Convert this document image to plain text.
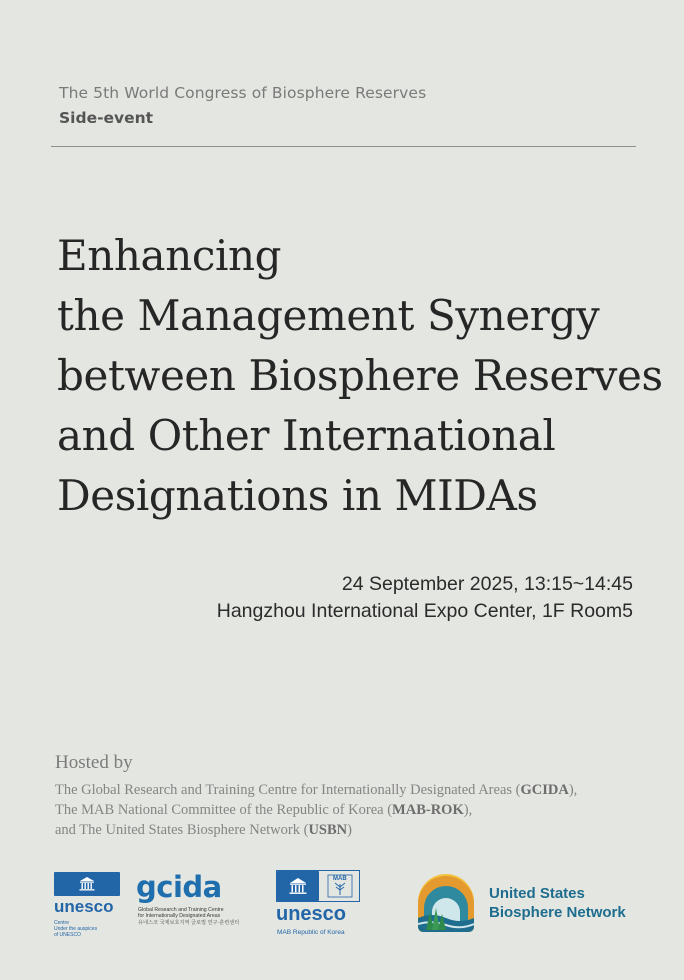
The 5th World Congress of Biosphere Reserves
Side-event
Enhancing
the Management Synergy
between Biosphere Reserves
and Other International
Designations in MIDAs
24 September 2025, 13:15~14:45
Hangzhou International Expo Center, 1F Room5
Hosted by
The Global Research and Training Centre for Internationally Designated Areas (GCIDA),
The MAB National Committee of the Republic of Korea (MAB-ROK),
and The United States Biosphere Network (USBN)
unesco
Centre
Under the auspices
of UNESCO
gcida
Global Research and Training Centre
for Internationally Designated Areas
유네스코 국제보호지역 글로벌 연구·훈련센터
MAB
unesco
MAB Republic of Korea
United States
Biosphere Network
